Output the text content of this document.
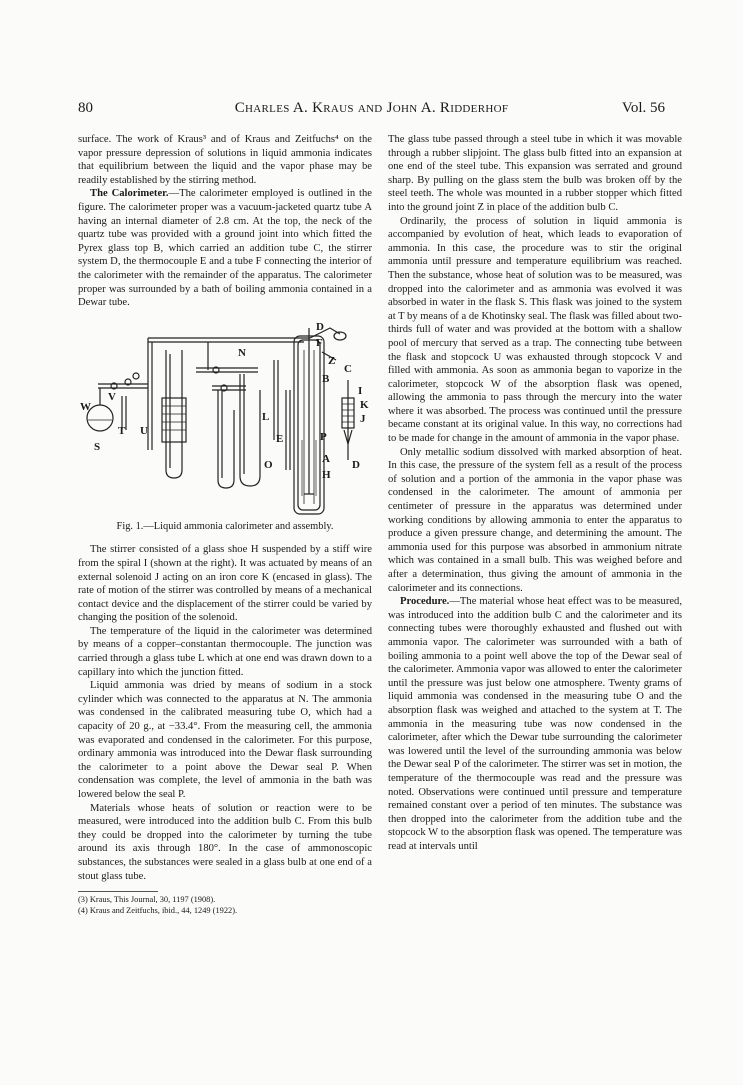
80	Charles A. Kraus and John A. Ridderhof	Vol. 56

surface. The work of Kraus³ and of Kraus and Zeitfuchs⁴ on the vapor pressure depression of solutions in liquid ammonia indicates that equilibrium between the liquid and the vapor phase may be readily established by the stirring method.

The Calorimeter.—The calorimeter employed is outlined in the figure. The calorimeter proper was a vacuum-jacketed quartz tube A having an internal diameter of 2.8 cm. At the top, the neck of the quartz tube was provided with a ground joint into which fitted the Pyrex glass top B, which carried an addition tube C, the stirrer system D, the thermocouple E and a tube F connecting the interior of the calorimeter with the remainder of the apparatus. The calorimeter proper was surrounded by a bath of boiling ammonia contained in a Dewar tube.

D
F
N
Z
C
B
I
K
J
V
W
L
E	P
T U
S
O	A
H
D

Fig. 1.—Liquid ammonia calorimeter and assembly.

The stirrer consisted of a glass shoe H suspended by a stiff wire from the spiral I (shown at the right). It was actuated by means of an external solenoid J acting on an iron core K (encased in glass). The rate of motion of the stirrer was controlled by means of a mechanical contact device and the displacement of the stirrer could be varied by changing the position of the solenoid.

The temperature of the liquid in the calorimeter was determined by means of a copper–constantan thermocouple. The junction was carried through a glass tube L which at one end was drawn down to a capillary into which the junction fitted.

Liquid ammonia was dried by means of sodium in a stock cylinder which was connected to the apparatus at N. The ammonia was condensed in the calibrated measuring tube O, which had a capacity of 20 g., at −33.4°. From the measuring cell, the ammonia was evaporated and condensed in the calorimeter. For this purpose, ordinary ammonia was introduced into the Dewar flask surrounding the calorimeter to a point above the Dewar seal P. When condensation was complete, the level of ammonia in the bath was lowered below the seal P.

Materials whose heats of solution or reaction were to be measured, were introduced into the addition bulb C. From this bulb they could be dropped into the calorimeter by turning the tube around its axis through 180°. In the case of ammonoscopic substances, the substances were sealed in a glass bulb at one end of a stout glass tube.

(3) Kraus, This Journal, 30, 1197 (1908).
(4) Kraus and Zeitfuchs, ibid., 44, 1249 (1922).

The glass tube passed through a steel tube in which it was movable through a rubber slipjoint. The glass bulb fitted into an expansion at one end of the steel tube. This expansion was serrated and ground sharp. By pulling on the glass stem the bulb was broken off by the steel teeth. The whole was mounted in a rubber stopper which fitted into the ground joint Z in place of the addition bulb C.

Ordinarily, the process of solution in liquid ammonia is accompanied by evolution of heat, which leads to evaporation of ammonia. In this case, the procedure was to stir the original ammonia until pressure and temperature equilibrium was reached. Then the substance, whose heat of solution was to be measured, was dropped into the calorimeter and as ammonia was evolved it was absorbed in water in the flask S. This flask was joined to the system at T by means of a de Khotinsky seal. The flask was filled about two-thirds full of water and was provided at the bottom with a shallow pool of mercury that served as a trap. The connecting tube between the flask and stopcock U was exhausted through stopcock V and filled with ammonia. As soon as ammonia began to vaporize in the calorimeter, stopcock W of the absorption flask was opened, allowing the ammonia to pass through the mercury into the water where it was absorbed. The process was continued until the pressure became constant at its original value. In this way, no corrections had to be made for change in the amount of ammonia in the vapor phase.

Only metallic sodium dissolved with marked absorption of heat. In this case, the pressure of the system fell as a result of the process of solution and a portion of the ammonia in the vapor phase was condensed in the calorimeter. The amount of ammonia per centimeter of pressure in the apparatus was determined under working conditions by allowing ammonia to enter the apparatus to produce a given pressure change, and determining the amount. The ammonia used for this purpose was absorbed in ammonium nitrate which was contained in a small bulb. This was weighed before and after a determination, thus giving the amount of ammonia in the calorimeter and its connections.

Procedure.—The material whose heat effect was to be measured, was introduced into the addition bulb C and the calorimeter and its connecting tubes were thoroughly exhausted and flushed out with ammonia vapor. The calorimeter was surrounded with a bath of boiling ammonia to a point well above the top of the Dewar seal of the calorimeter. Ammonia vapor was allowed to enter the calorimeter until the pressure was just below one atmosphere. Twenty grams of liquid ammonia was condensed in the measuring tube O and the absorption flask was weighed and attached to the system at T. The ammonia in the measuring tube was now condensed in the calorimeter, after which the Dewar tube surrounding the calorimeter was lowered until the level of the surrounding ammonia was below the Dewar seal P of the calorimeter. The stirrer was set in motion, the temperature of the thermocouple was read and the pressure was noted. Observations were continued until pressure and temperature remained constant over a period of ten minutes. The substance was then dropped into the calorimeter from the addition tube and the stopcock W to the absorption flask was opened. The temperature was read at intervals until
